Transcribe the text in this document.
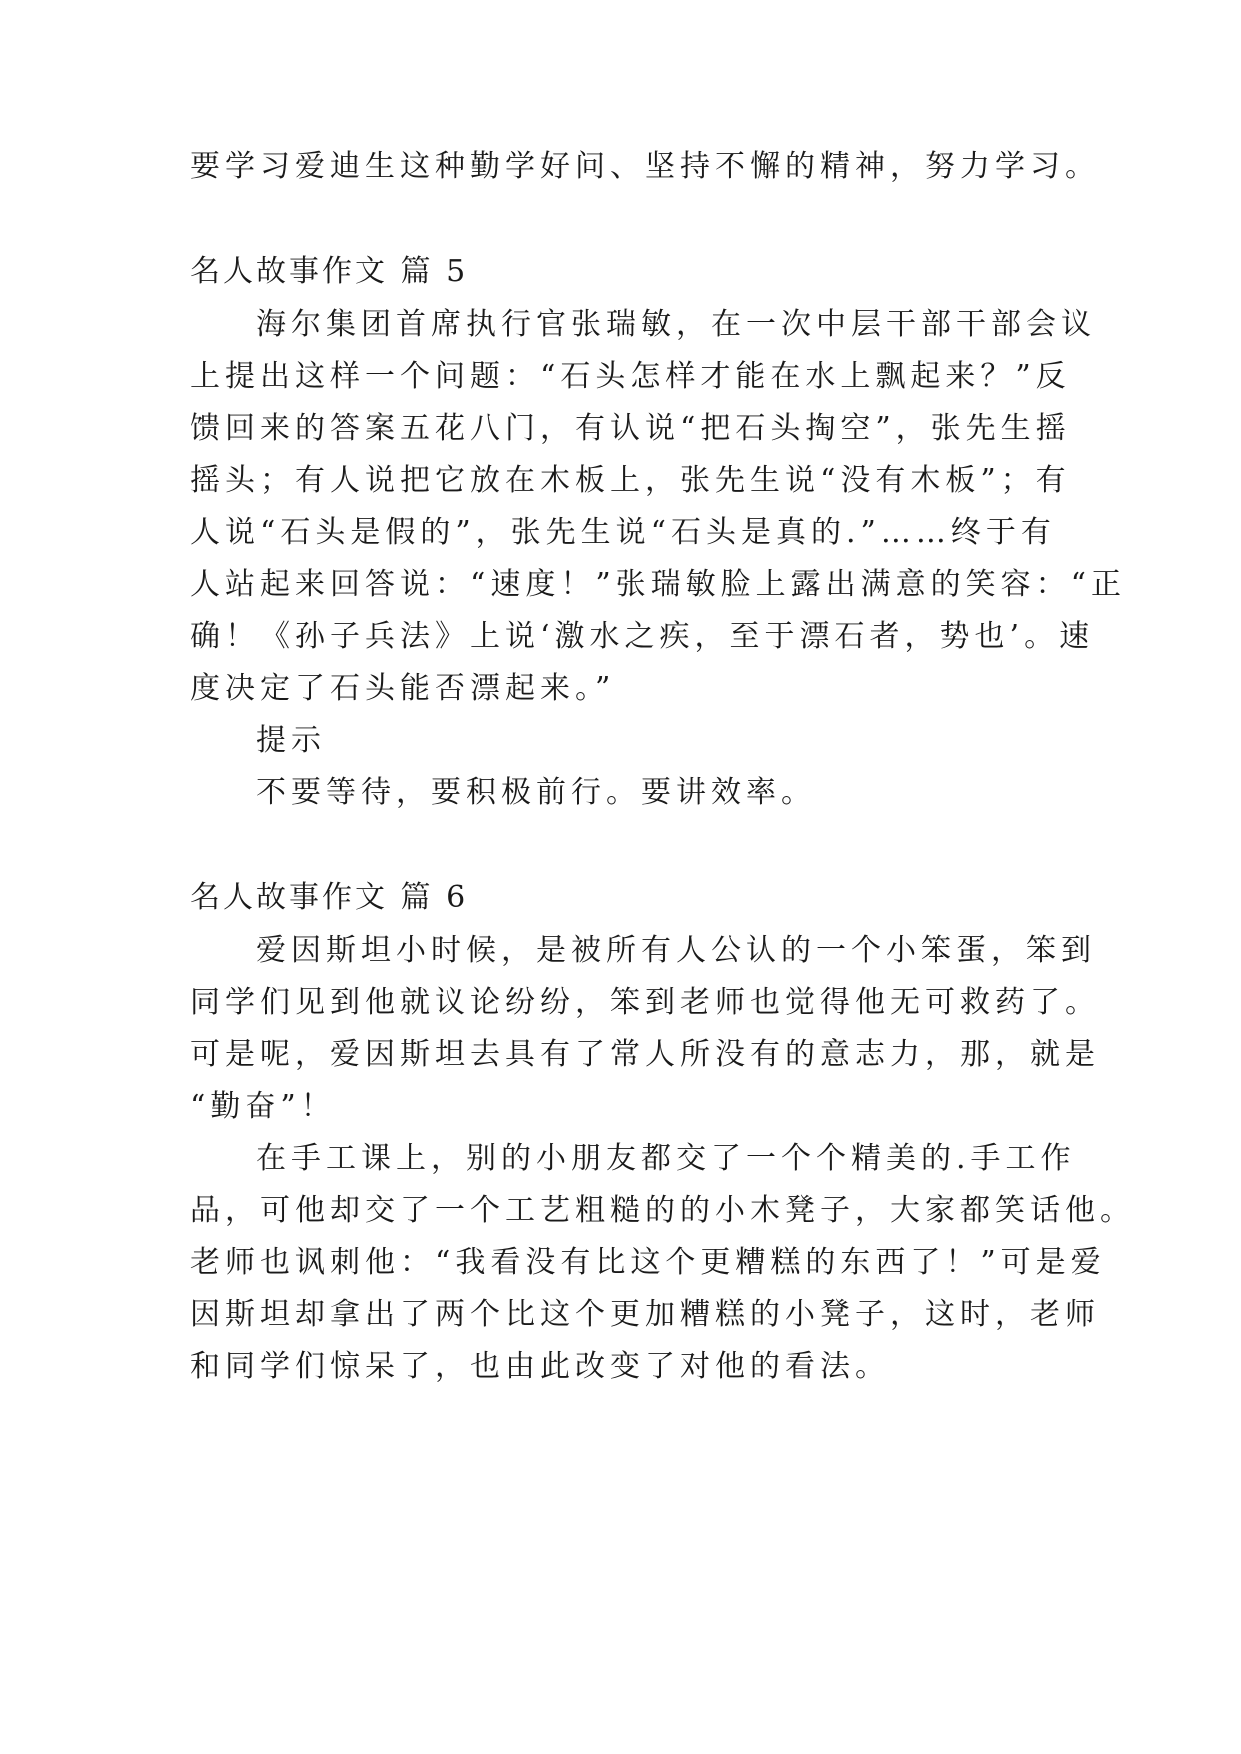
要学习爱迪生这种勤学好问、坚持不懈的精神，努力学习。
名人故事作文 篇 5
海尔集团首席执行官张瑞敏，在一次中层干部干部会议
上提出这样一个问题：“石头怎样才能在水上飘起来？”反
馈回来的答案五花八门，有认说“把石头掏空”，张先生摇
摇头；有人说把它放在木板上，张先生说“没有木板”；有
人说“石头是假的”，张先生说“石头是真的.”……终于有
人站起来回答说：“速度！”张瑞敏脸上露出满意的笑容：“正
确！《孙子兵法》上说‘激水之疾，至于漂石者，势也’。速
度决定了石头能否漂起来。”
提示
不要等待，要积极前行。要讲效率。
名人故事作文 篇 6
爱因斯坦小时候，是被所有人公认的一个小笨蛋，笨到
同学们见到他就议论纷纷，笨到老师也觉得他无可救药了。
可是呢，爱因斯坦去具有了常人所没有的意志力，那，就是
“勤奋”！
在手工课上，别的小朋友都交了一个个精美的.手工作
品，可他却交了一个工艺粗糙的的小木凳子，大家都笑话他。
老师也讽刺他：“我看没有比这个更糟糕的东西了！”可是爱
因斯坦却拿出了两个比这个更加糟糕的小凳子，这时，老师
和同学们惊呆了，也由此改变了对他的看法。
